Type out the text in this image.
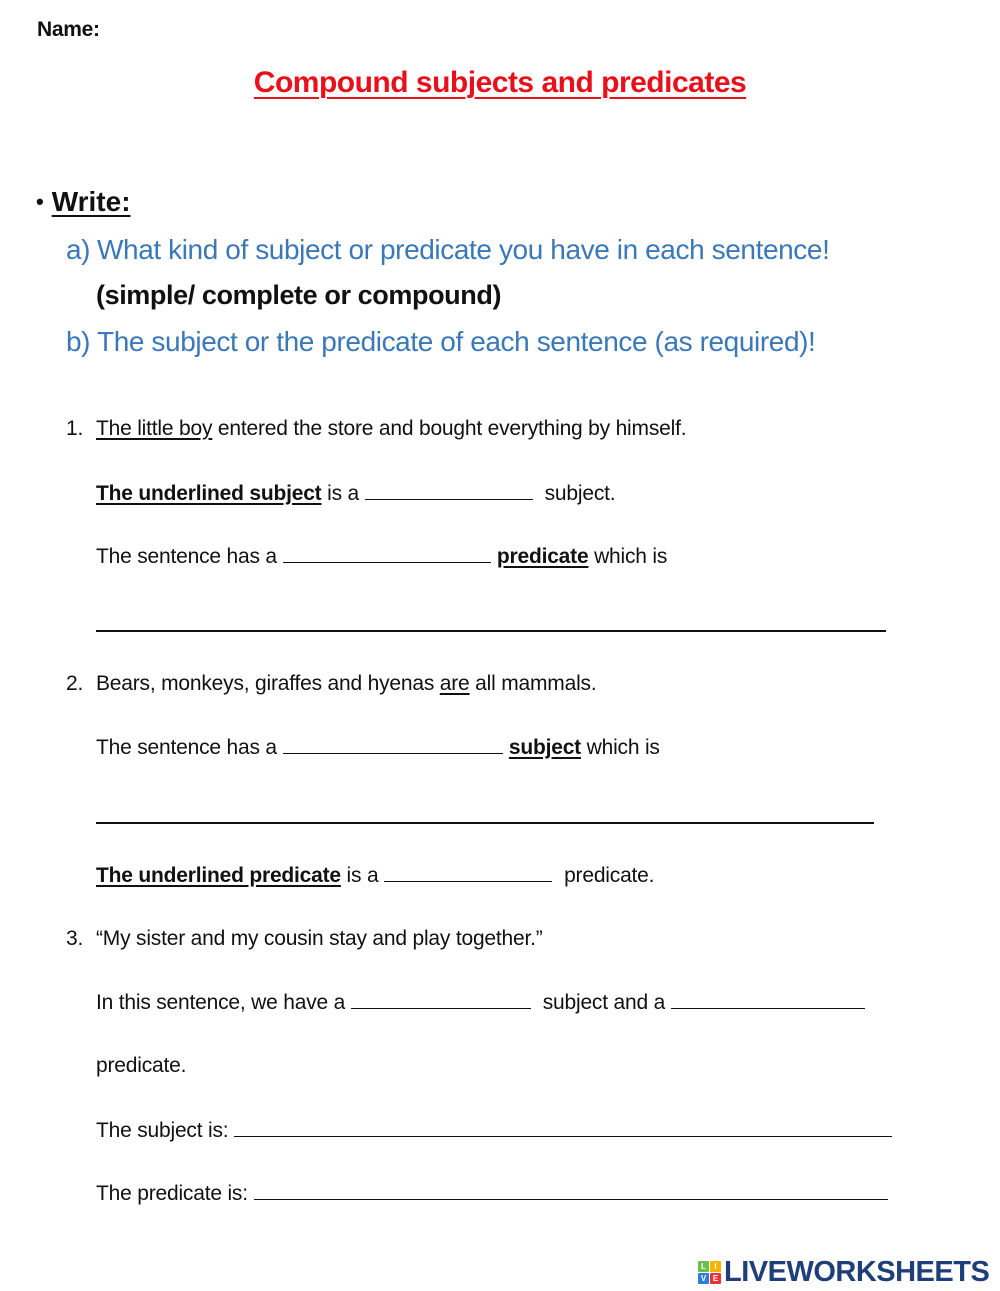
Name:
Compound subjects and predicates
• Write:
a) What kind of subject or predicate you have in each sentence!
(simple/ complete or compound)
b) The subject or the predicate of each sentence (as required)!
1. The little boy entered the store and bought everything by himself.
The underlined subject is a	subject.
The sentence has a	predicate which is
2. Bears, monkeys, giraffes and hyenas are all mammals.
The sentence has a	subject which is
The underlined predicate is a	predicate.
3. “My sister and my cousin stay and play together.”
In this sentence, we have a	subject and a
predicate.
The subject is:
The predicate is:
L	I
V E LIVEWORKSHEETS
